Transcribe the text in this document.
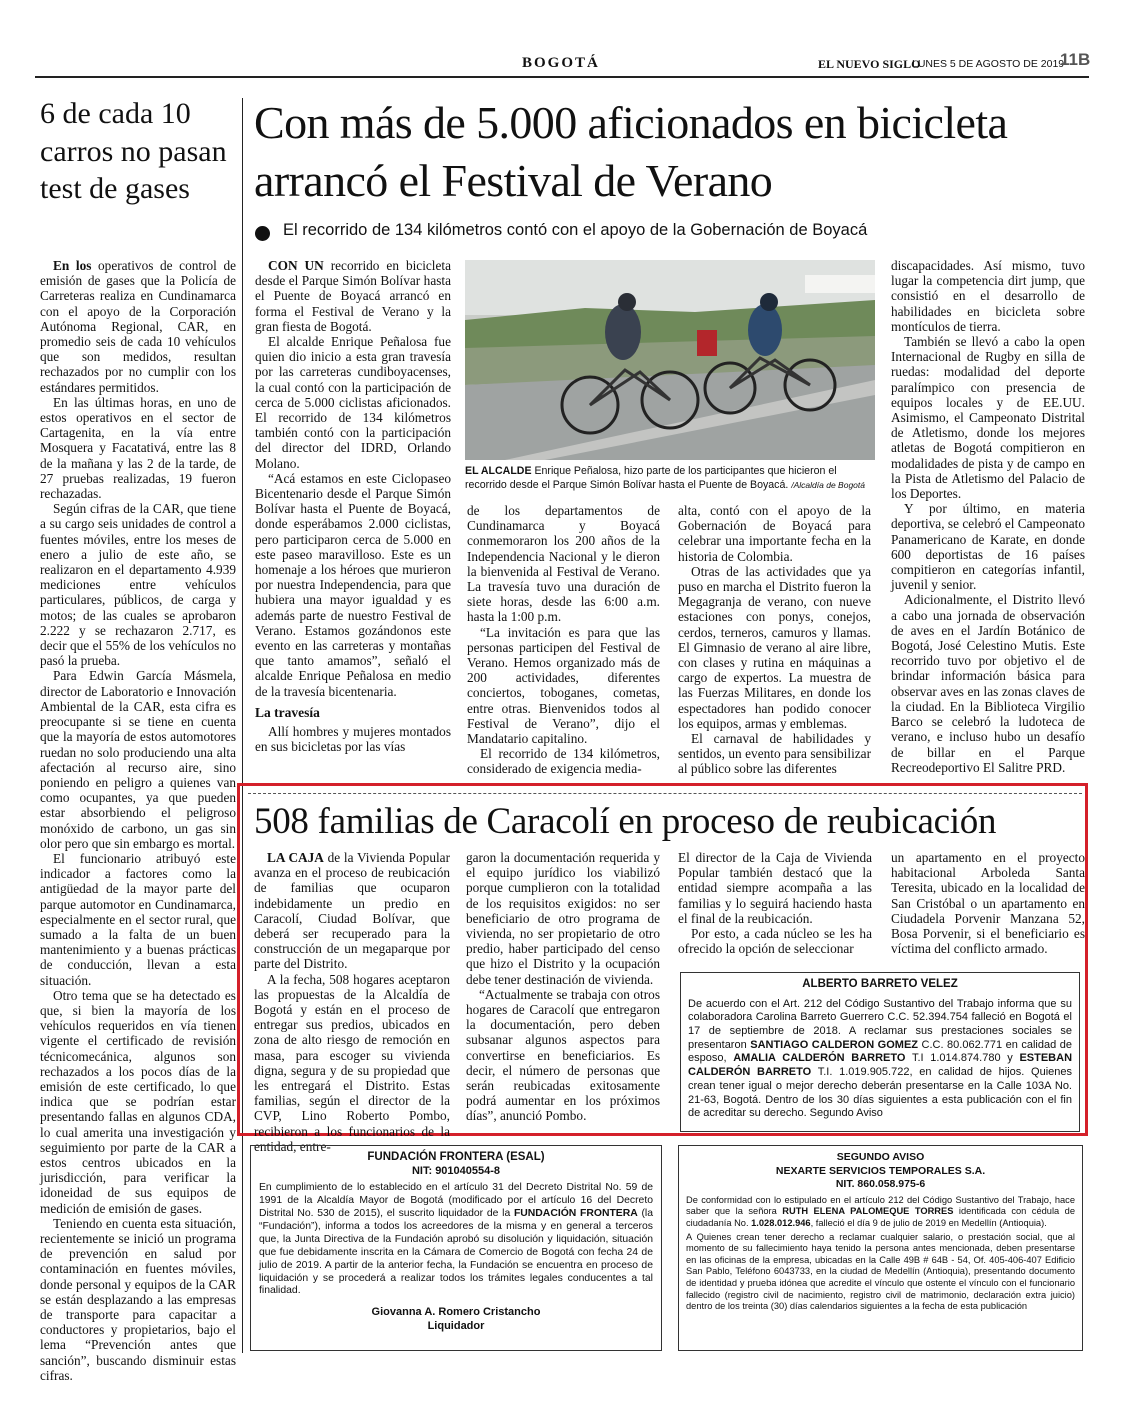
BOGOTÁ	EL NUEVO SIGLO
LUNES 5 DE AGOSTO DE 2019
11B
6 de cada 10 carros no pasan test de gases

En los operativos de control de emisión de gases que la Policía de Carreteras realiza en Cundinamarca con el apoyo de la Corporación Autónoma Regional, CAR, en promedio seis de cada 10 vehículos que son medidos, resultan rechazados por no cumplir con los estándares permitidos.

En las últimas horas, en uno de estos operativos en el sector de Cartagenita, en la vía entre Mosquera y Facatativá, entre las 8 de la mañana y las 2 de la tarde, de 27 pruebas realizadas, 19 fueron rechazadas.

Según cifras de la CAR, que tiene a su cargo seis unidades de control a fuentes móviles, entre los meses de enero a julio de este año, se realizaron en el departamento 4.939 mediciones entre vehículos particulares, públicos, de carga y motos; de las cuales se aprobaron 2.222 y se rechazaron 2.717, es decir que el 55% de los vehículos no pasó la prueba.

Para Edwin García Másmela, director de Laboratorio e Innovación Ambiental de la CAR, esta cifra es preocupante si se tiene en cuenta que la mayoría de estos automotores ruedan no solo produciendo una alta afectación al recurso aire, sino poniendo en peligro a quienes van como ocupantes, ya que pueden estar absorbiendo el peligroso monóxido de carbono, un gas sin olor pero que sin embargo es mortal.

El funcionario atribuyó este indicador a factores como la antigüedad de la mayor parte del parque automotor en Cundinamarca, especialmente en el sector rural, que sumado a la falta de un buen mantenimiento y a buenas prácticas de conducción, llevan a esta situación.

Otro tema que se ha detectado es que, si bien la mayoría de los vehículos requeridos en vía tienen vigente el certificado de revisión técnicomecánica, algunos son rechazados a los pocos días de la emisión de este certificado, lo que indica que se podrían estar presentando fallas en algunos CDA, lo cual amerita una investigación y seguimiento por parte de la CAR a estos centros ubicados en la jurisdicción, para verificar la idoneidad de sus equipos de medición de emisión de gases.

Teniendo en cuenta esta situación, recientemente se inició un programa de prevención en salud por contaminación en fuentes móviles, donde personal y equipos de la CAR se están desplazando a las empresas de transporte para capacitar a conductores y propietarios, bajo el lema “Prevención antes que sanción”, buscando disminuir estas cifras.

Con más de 5.000 aficionados en bicicleta arrancó el Festival de Verano
El recorrido de 134 kilómetros contó con el apoyo de la Gobernación de Boyacá

CON UN recorrido en bicicleta desde el Parque Simón Bolívar hasta el Puente de Boyacá arrancó en forma el Festival de Verano y la gran fiesta de Bogotá.

El alcalde Enrique Peñalosa fue quien dio inicio a esta gran travesía por las carreteras cundiboyacenses, la cual contó con la participación de cerca de 5.000 ciclistas aficionados. El recorrido de 134 kilómetros también contó con la participación del director del IDRD, Orlando Molano.

“Acá estamos en este Ciclopaseo Bicentenario desde el Parque Simón Bolívar hasta el Puente de Boyacá, donde esperábamos 2.000 ciclistas, pero participaron cerca de 5.000 en este paseo maravilloso. Este es un homenaje a los héroes que murieron por nuestra Independencia, para que hubiera una mayor igualdad y es además parte de nuestro Festival de Verano. Estamos gozándonos este evento en las carreteras y montañas que tanto amamos”, señaló el alcalde Enrique Peñalosa en medio de la travesía bicentenaria.

La travesía

Allí hombres y mujeres montados en sus bicicletas por las vías

EL ALCALDE Enrique Peñalosa, hizo parte de los participantes que hicieron el recorrido desde el Parque Simón Bolívar hasta el Puente de Boyacá. /Alcaldía de Bogotá

de los departamentos de Cundinamarca y Boyacá conmemoraron los 200 años de la Independencia Nacional y le dieron la bienvenida al Festival de Verano. La travesía tuvo una duración de siete horas, desde las 6:00 a.m. hasta la 1:00 p.m.

“La invitación es para que las personas participen del Festival de Verano. Hemos organizado más de 200 actividades, diferentes conciertos, toboganes, cometas, entre otras. Bienvenidos todos al Festival de Verano”, dijo el Mandatario capitalino.

El recorrido de 134 kilómetros, considerado de exigencia media-

alta, contó con el apoyo de la Gobernación de Boyacá para celebrar una importante fecha en la historia de Colombia.

Otras de las actividades que ya puso en marcha el Distrito fueron la Megagranja de verano, con nueve estaciones con ponys, conejos, cerdos, terneros, camuros y llamas. El Gimnasio de verano al aire libre, con clases y rutina en máquinas a cargo de expertos. La muestra de las Fuerzas Militares, en donde los espectadores han podido conocer los equipos, armas y emblemas.

El carnaval de habilidades y sentidos, un evento para sensibilizar al público sobre las diferentes

discapacidades. Así mismo, tuvo lugar la competencia dirt jump, que consistió en el desarrollo de habilidades en bicicleta sobre montículos de tierra.

También se llevó a cabo la open Internacional de Rugby en silla de ruedas: modalidad del deporte paralímpico con presencia de equipos locales y de EE.UU. Asimismo, el Campeonato Distrital de Atletismo, donde los mejores atletas de Bogotá compitieron en modalidades de pista y de campo en la Pista de Atletismo del Palacio de los Deportes.

Y por último, en materia deportiva, se celebró el Campeonato Panamericano de Karate, en donde 600 deportistas de 16 países compitieron en categorías infantil, juvenil y senior.

Adicionalmente, el Distrito llevó a cabo una jornada de observación de aves en el Jardín Botánico de Bogotá, José Celestino Mutis. Este recorrido tuvo por objetivo el de brindar información básica para observar aves en las zonas claves de la ciudad. En la Biblioteca Virgilio Barco se celebró la ludoteca de verano, e incluso hubo un desafío de billar en el Parque Recreodeportivo El Salitre PRD.

508 familias de Caracolí en proceso de reubicación

LA CAJA de la Vivienda Popular avanza en el proceso de reubicación de familias que ocuparon indebidamente un predio en Caracolí, Ciudad Bolívar, que deberá ser recuperado para la construcción de un megaparque por parte del Distrito.

A la fecha, 508 hogares aceptaron las propuestas de la Alcaldía de Bogotá y están en el proceso de entregar sus predios, ubicados en zona de alto riesgo de remoción en masa, para escoger su vivienda digna, segura y de su propiedad que les entregará el Distrito. Estas familias, según el director de la CVP, Lino Roberto Pombo, recibieron a los funcionarios de la entidad, entre-

garon la documentación requerida y el equipo jurídico los viabilizó porque cumplieron con la totalidad de los requisitos exigidos: no ser beneficiario de otro programa de vivienda, no ser propietario de otro predio, haber participado del censo que hizo el Distrito y la ocupación debe tener destinación de vivienda.

“Actualmente se trabaja con otros hogares de Caracolí que entregaron la documentación, pero deben subsanar algunos aspectos para convertirse en beneficiarios. Es decir, el número de personas que serán reubicadas exitosamente podrá aumentar en los próximos días”, anunció Pombo.

El director de la Caja de Vivienda Popular también destacó que la entidad siempre acompaña a las familias y lo seguirá haciendo hasta el final de la reubicación.

Por esto, a cada núcleo se les ha ofrecido la opción de seleccionar

un apartamento en el proyecto habitacional Arboleda Santa Teresita, ubicado en la localidad de San Cristóbal o un apartamento en Ciudadela Porvenir Manzana 52, Bosa Porvenir, si el beneficiario es víctima del conflicto armado.

ALBERTO BARRETO VELEZ
De acuerdo con el Art. 212 del Código Sustantivo del Trabajo informa que su colaboradora Carolina Barreto Guerrero C.C. 52.394.754 falleció en Bogotá el 17 de septiembre de 2018. A reclamar sus prestaciones sociales se presentaron SANTIAGO CALDERON GOMEZ C.C. 80.062.771 en calidad de esposo, AMALIA CALDERÓN BARRETO T.I 1.014.874.780 y ESTEBAN CALDERÓN BARRETO T.I. 1.019.905.722, en calidad de hijos. Quienes crean tener igual o mejor derecho deberán presentarse en la Calle 103A No. 21-63, Bogotá. Dentro de los 30 días siguientes a esta publicación con el fin de acreditar su derecho. Segundo Aviso
FUNDACIÓN FRONTERA (ESAL)
NIT: 901040554-8
En cumplimiento de lo establecido en el artículo 31 del Decreto Distrital No. 59 de 1991 de la Alcaldía Mayor de Bogotá (modificado por el artículo 16 del Decreto Distrital No. 530 de 2015), el suscrito liquidador de la FUNDACIÓN FRONTERA (la “Fundación”), informa a todos los acreedores de la misma y en general a terceros que, la Junta Directiva de la Fundación aprobó su disolución y liquidación, situación que fue debidamente inscrita en la Cámara de Comercio de Bogotá con fecha 24 de julio de 2019. A partir de la anterior fecha, la Fundación se encuentra en proceso de liquidación y se procederá a realizar todos los trámites legales conducentes a tal finalidad.
Giovanna A. Romero Cristancho
Liquidador
SEGUNDO AVISO
NEXARTE SERVICIOS TEMPORALES S.A.
NIT. 860.058.975-6
De conformidad con lo estipulado en el artículo 212 del Código Sustantivo del Trabajo, hace saber que la señora RUTH ELENA PALOMEQUE TORRES identificada con cédula de ciudadanía No. 1.028.012.946, falleció el día 9 de julio de 2019 en Medellín (Antioquia).

A Quienes crean tener derecho a reclamar cualquier salario, o prestación social, que al momento de su fallecimiento haya tenido la persona antes mencionada, deben presentarse en las oficinas de la empresa, ubicadas en la Calle 49B # 64B - 54, Of. 405-406-407 Edificio San Pablo, Teléfono 6043733, en la ciudad de Medellín (Antioquia), presentando documento de identidad y prueba idónea que acredite el vínculo que ostente el vínculo con el funcionario fallecido (registro civil de nacimiento, registro civil de matrimonio, declaración extra juicio) dentro de los treinta (30) días calendarios siguientes a la fecha de esta publicación
